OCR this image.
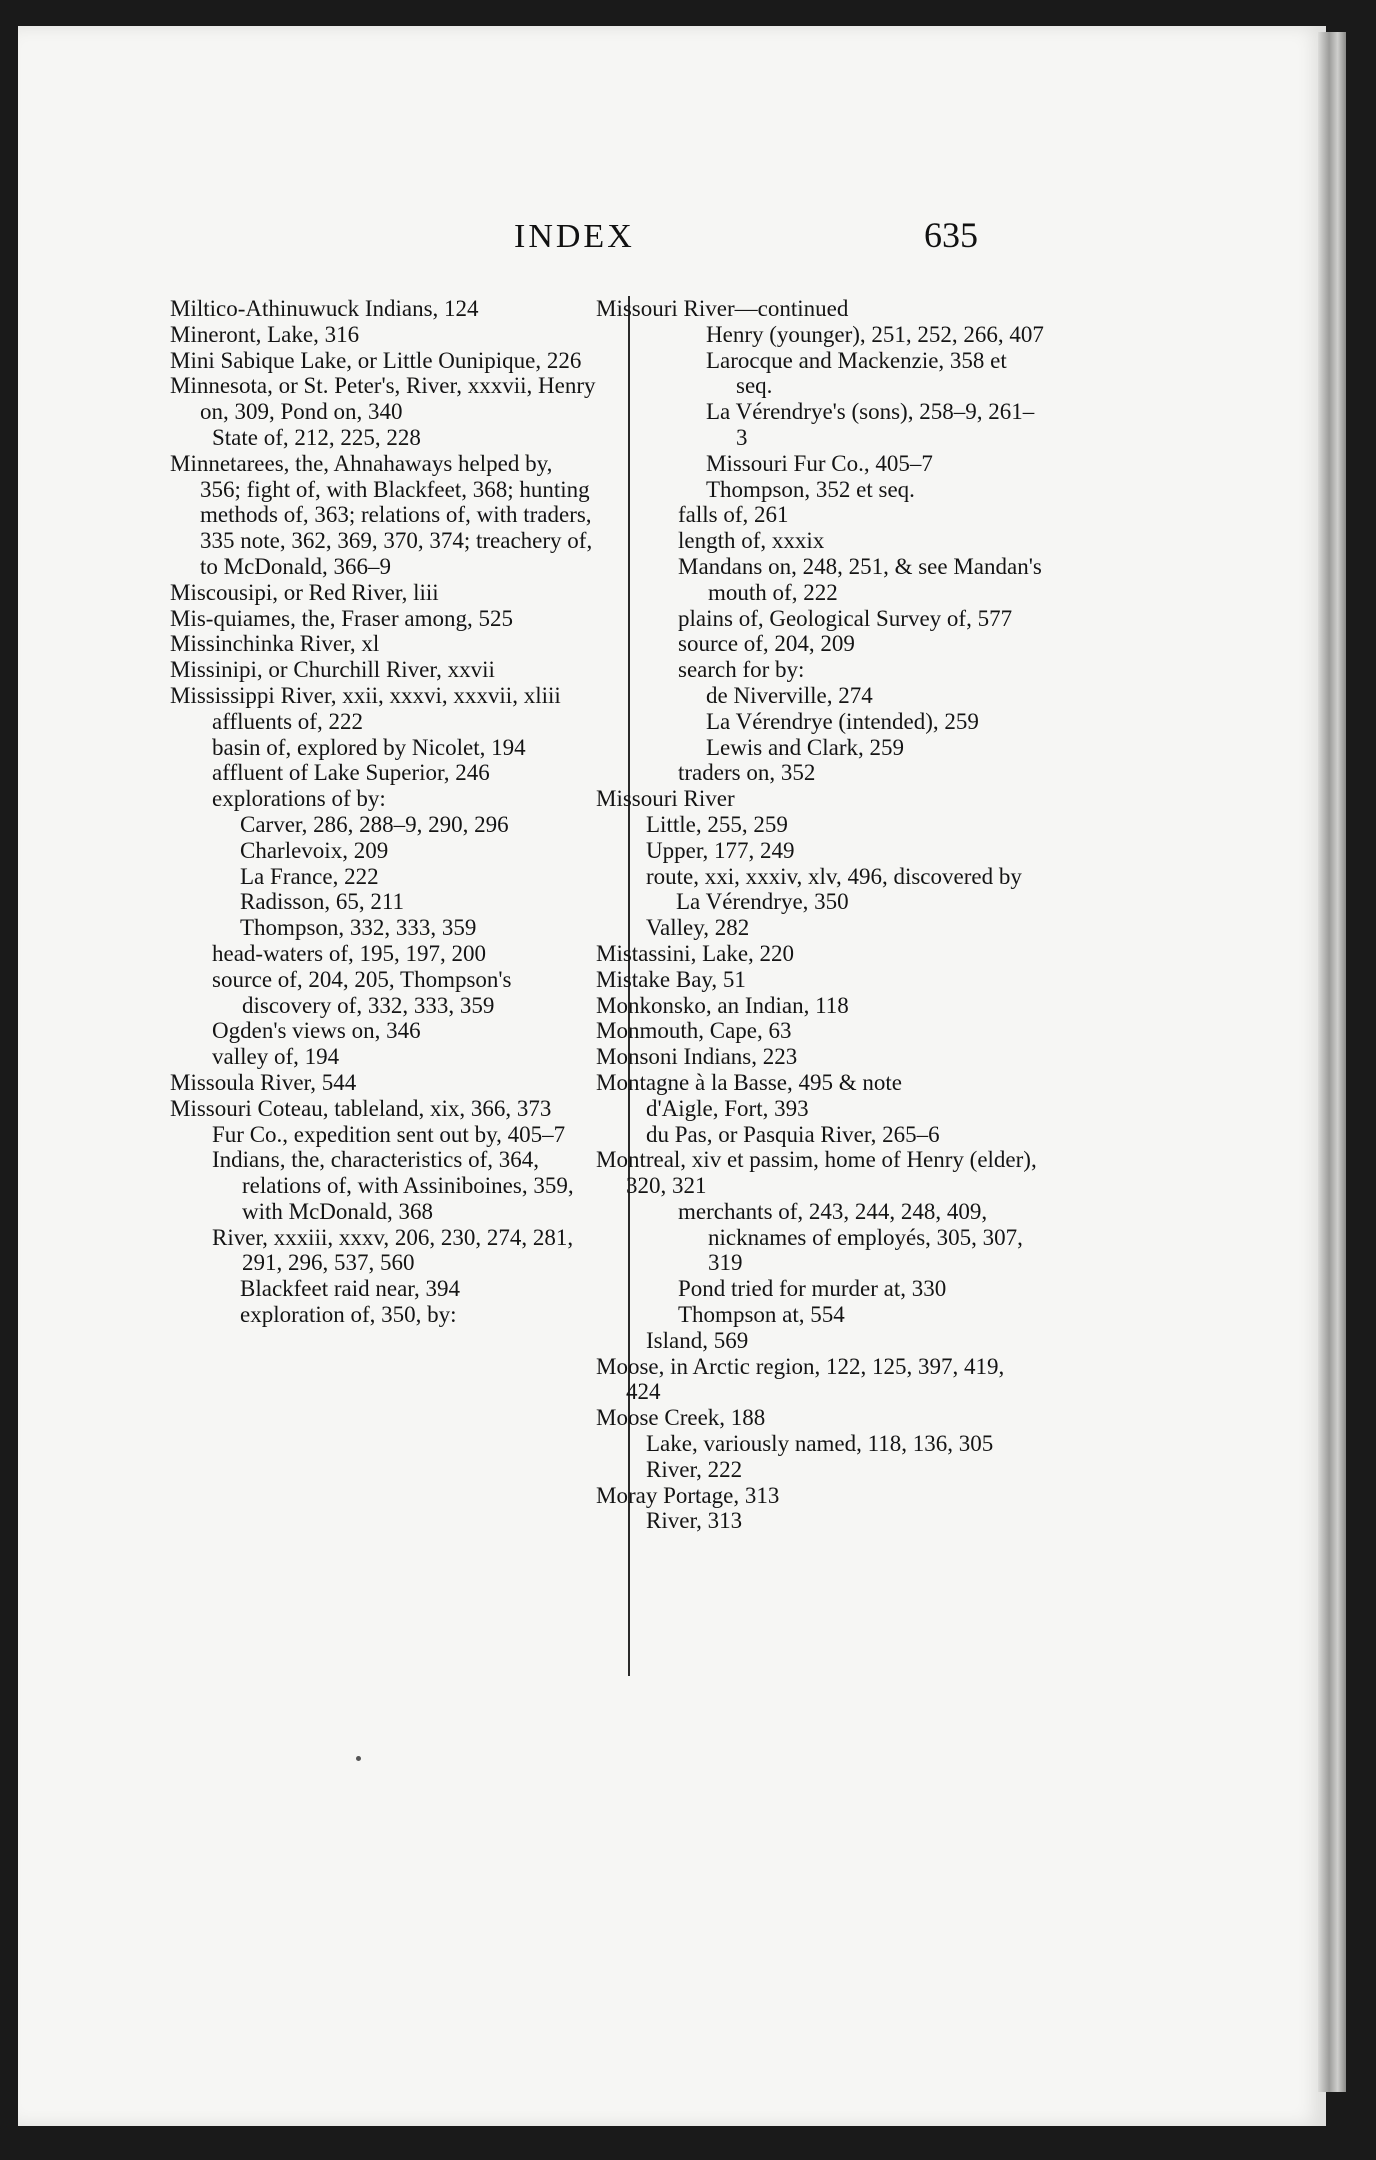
INDEX	635
Miltico-Athinuwuck Indians, 124
Mineront, Lake, 316
Mini Sabique Lake, or Little Ounipique, 226
Minnesota, or St. Peter's, River, xxxvii, Henry on, 309, Pond on, 340
State of, 212, 225, 228
Minnetarees, the, Ahnahaways helped by, 356; fight of, with Blackfeet, 368; hunting methods of, 363; relations of, with traders, 335 note, 362, 369, 370, 374; treachery of, to McDonald, 366–9
Miscousipi, or Red River, liii
Mis-quiames, the, Fraser among, 525
Missinchinka River, xl
Missinipi, or Churchill River, xxvii
Mississippi River, xxii, xxxvi, xxxvii, xliii
affluents of, 222
basin of, explored by Nicolet, 194
affluent of Lake Superior, 246
explorations of by:
Carver, 286, 288–9, 290, 296
Charlevoix, 209
La France, 222
Radisson, 65, 211
Thompson, 332, 333, 359
head-waters of, 195, 197, 200
source of, 204, 205, Thompson's discovery of, 332, 333, 359
Ogden's views on, 346
valley of, 194
Missoula River, 544
Missouri Coteau, tableland, xix, 366, 373
Fur Co., expedition sent out by, 405–7
Indians, the, characteristics of, 364, relations of, with Assiniboines, 359, with McDonald, 368
River, xxxiii, xxxv, 206, 230, 274, 281, 291, 296, 537, 560
Blackfeet raid near, 394
exploration of, 350, by:
Missouri River—continued
Henry (younger), 251, 252, 266, 407
Larocque and Mackenzie, 358 et seq.
La Vérendrye's (sons), 258–9, 261–3
Missouri Fur Co., 405–7
Thompson, 352 et seq.
falls of, 261
length of, xxxix
Mandans on, 248, 251, & see Mandan's mouth of, 222
plains of, Geological Survey of, 577
source of, 204, 209
search for by:
de Niverville, 274
La Vérendrye (intended), 259
Lewis and Clark, 259
traders on, 352
Missouri River
Little, 255, 259
Upper, 177, 249
route, xxi, xxxiv, xlv, 496, discovered by La Vérendrye, 350
Valley, 282
Mistassini, Lake, 220
Mistake Bay, 51
Monkonsko, an Indian, 118
Monmouth, Cape, 63
Monsoni Indians, 223
Montagne à la Basse, 495 & note
d'Aigle, Fort, 393
du Pas, or Pasquia River, 265–6
Montreal, xiv et passim, home of Henry (elder), 320, 321
merchants of, 243, 244, 248, 409, nicknames of employés, 305, 307, 319
Pond tried for murder at, 330
Thompson at, 554
Island, 569
Moose, in Arctic region, 122, 125, 397, 419, 424
Moose Creek, 188
Lake, variously named, 118, 136, 305
River, 222
Moray Portage, 313
River, 313
